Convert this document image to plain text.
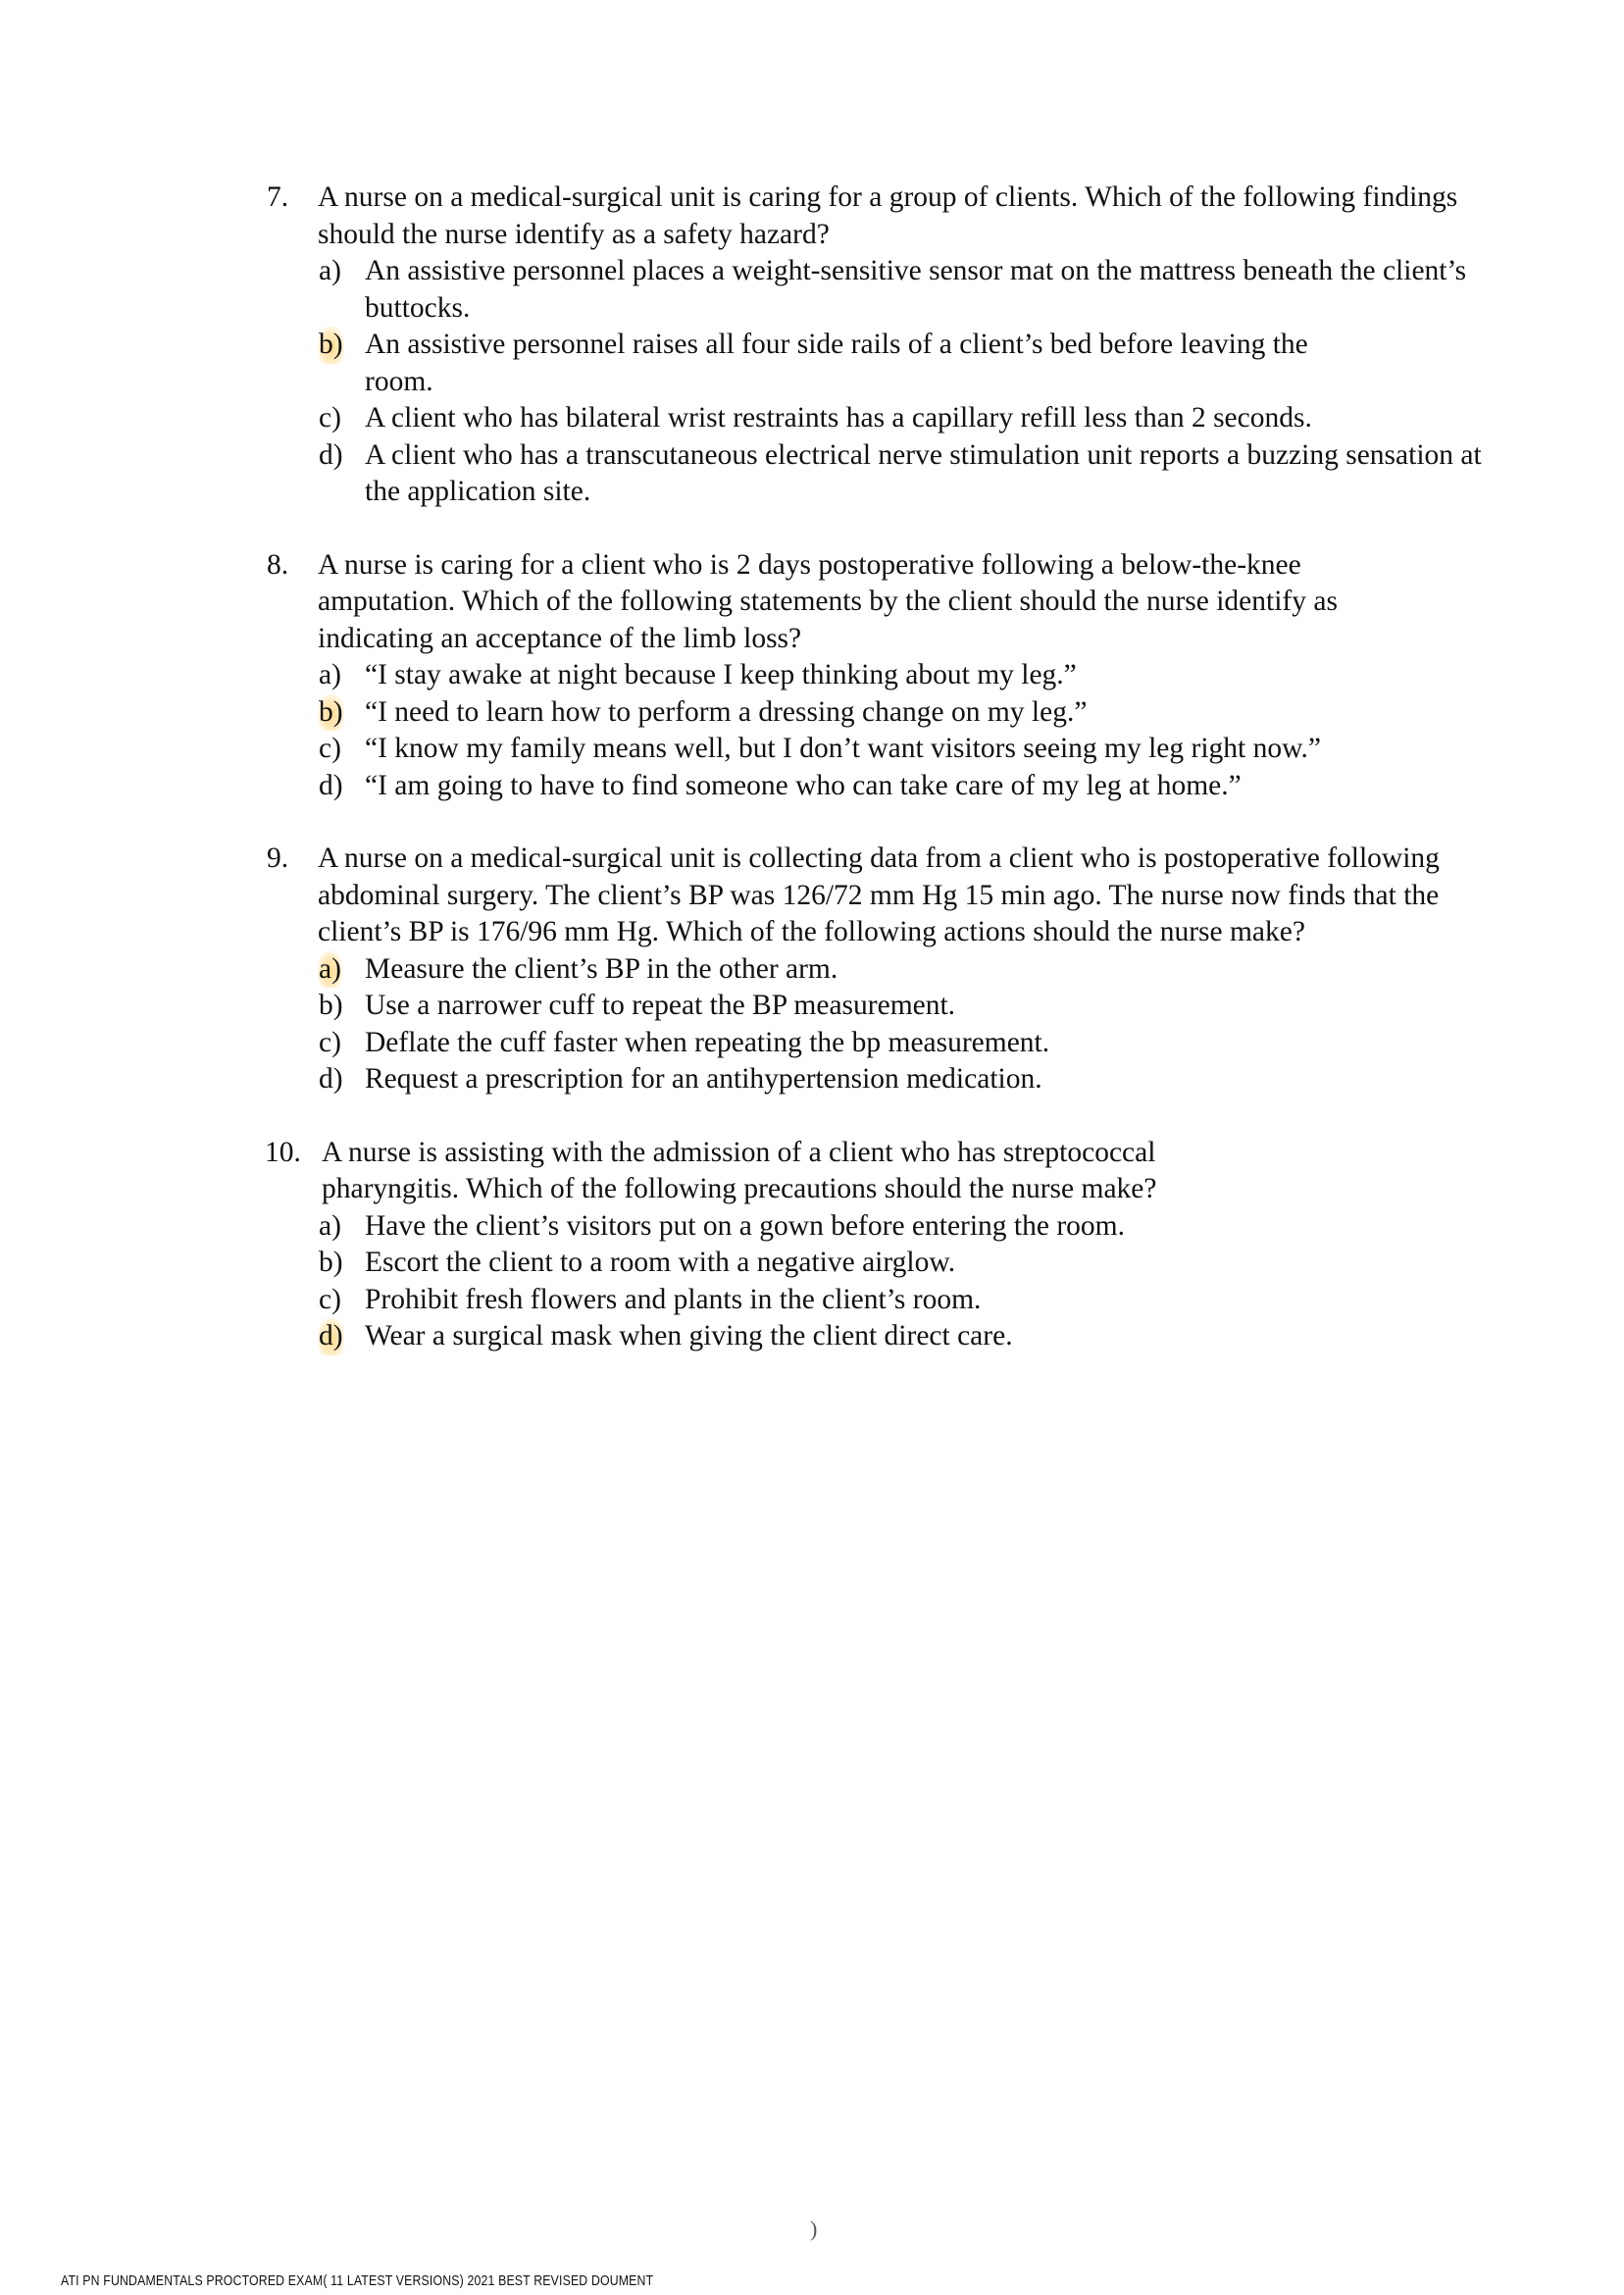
7. A nurse on a medical-surgical unit is caring for a group of clients. Which of the following findings should the nurse identify as a safety hazard?
a) An assistive personnel places a weight-sensitive sensor mat on the mattress beneath the client’s buttocks.
b) An assistive personnel raises all four side rails of a client’s bed before leaving the room.
c) A client who has bilateral wrist restraints has a capillary refill less than 2 seconds.
d) A client who has a transcutaneous electrical nerve stimulation unit reports a buzzing sensation at the application site.
8. A nurse is caring for a client who is 2 days postoperative following a below-the-knee amputation. Which of the following statements by the client should the nurse identify as indicating an acceptance of the limb loss?
a) “I stay awake at night because I keep thinking about my leg.”
b) “I need to learn how to perform a dressing change on my leg.”
c) “I know my family means well, but I don’t want visitors seeing my leg right now.”
d) “I am going to have to find someone who can take care of my leg at home.”
9. A nurse on a medical-surgical unit is collecting data from a client who is postoperative following abdominal surgery. The client’s BP was 126/72 mm Hg 15 min ago. The nurse now finds that the client’s BP is 176/96 mm Hg. Which of the following actions should the nurse make?
a) Measure the client’s BP in the other arm.
b) Use a narrower cuff to repeat the BP measurement.
c) Deflate the cuff faster when repeating the bp measurement.
d) Request a prescription for an antihypertension medication.
10. A nurse is assisting with the admission of a client who has streptococcal pharyngitis. Which of the following precautions should the nurse make?
a) Have the client’s visitors put on a gown before entering the room.
b) Escort the client to a room with a negative airglow.
c) Prohibit fresh flowers and plants in the client’s room.
d) Wear a surgical mask when giving the client direct care.
)
ATI PN FUNDAMENTALS PROCTORED EXAM( 11 LATEST VERSIONS) 2021 BEST REVISED DOUMENT
